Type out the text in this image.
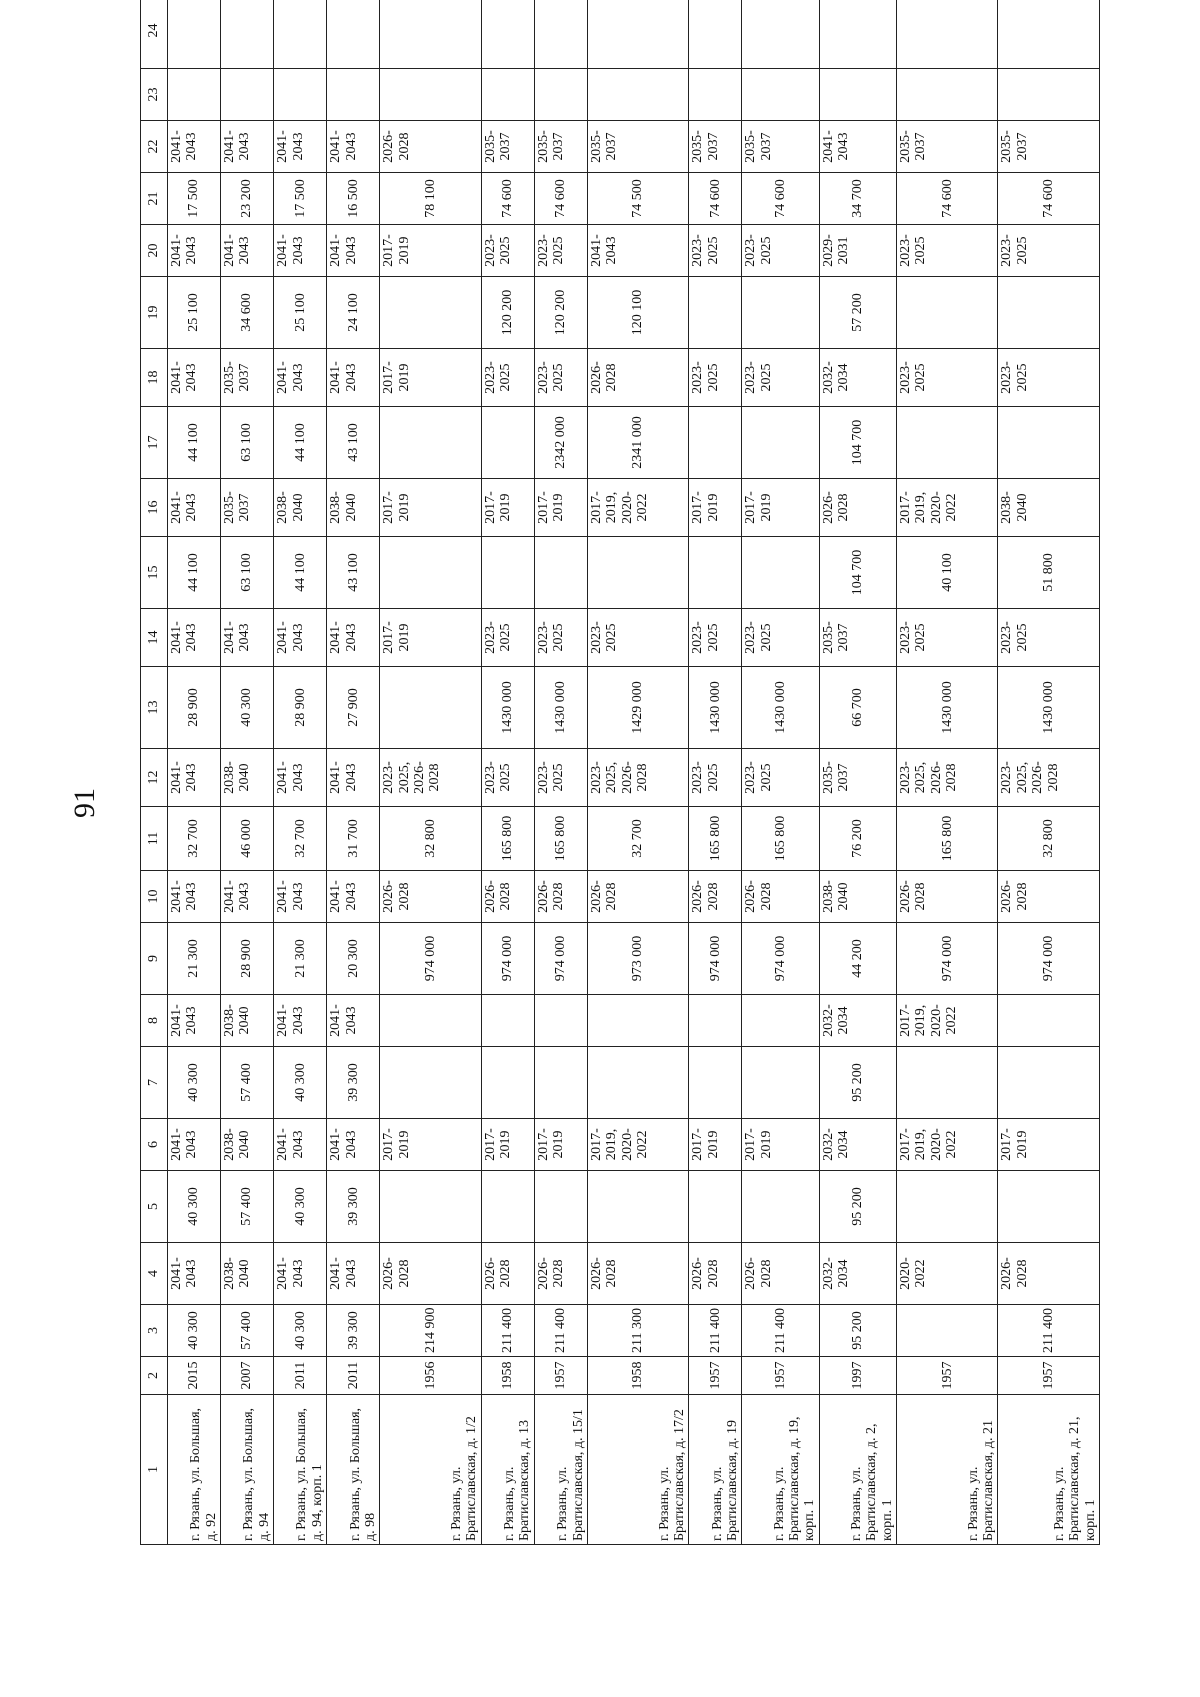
91
1	2	3	4	5	6	7	8	9	10	11	12	13	14	15	16	17	18	19	20	21	22	23	24
г. Рязань, ул. Большая, д. 92	2015	40 300	2041-2043	40 300	2041-2043	40 300	2041-2043	21 300	2041-2043	32 700	2041-2043	28 900	2041-2043	44 100	2041-2043	44 100	2041-2043	25 100	2041-2043	17 500	2041-2043		
г. Рязань, ул. Большая, д. 94	2007	57 400	2038-2040	57 400	2038-2040	57 400	2038-2040	28 900	2041-2043	46 000	2038-2040	40 300	2041-2043	63 100	2035-2037	63 100	2035-2037	34 600	2041-2043	23 200	2041-2043		
г. Рязань, ул. Большая, д. 94, корп. 1	2011	40 300	2041-2043	40 300	2041-2043	40 300	2041-2043	21 300	2041-2043	32 700	2041-2043	28 900	2041-2043	44 100	2038-2040	44 100	2041-2043	25 100	2041-2043	17 500	2041-2043		
г. Рязань, ул. Большая, д. 98	2011	39 300	2041-2043	39 300	2041-2043	39 300	2041-2043	20 300	2041-2043	31 700	2041-2043	27 900	2041-2043	43 100	2038-2040	43 100	2041-2043	24 100	2041-2043	16 500	2041-2043		
г. Рязань, ул. Братиславская, д. 1/2	1956	214 900	2026-2028		2017-2019			974 000	2026-2028	32 800	2023-2025, 2026-2028		2017-2019		2017-2019		2017-2019		2017-2019	78 100	2026-2028		
г. Рязань, ул. Братиславская, д. 13	1958	211 400	2026-2028		2017-2019			974 000	2026-2028	165 800	2023-2025	1430 000	2023-2025		2017-2019		2023-2025	120 200	2023-2025	74 600	2035-2037		
г. Рязань, ул. Братиславская, д. 15/1	1957	211 400	2026-2028		2017-2019			974 000	2026-2028	165 800	2023-2025	1430 000	2023-2025		2017-2019	2342 000	2023-2025	120 200	2023-2025	74 600	2035-2037		
г. Рязань, ул. Братиславская, д. 17/2	1958	211 300	2026-2028		2017-2019, 2020-2022			973 000	2026-2028	32 700	2023-2025, 2026-2028	1429 000	2023-2025		2017-2019, 2020-2022	2341 000	2026-2028	120 100	2041-2043	74 500	2035-2037		
г. Рязань, ул. Братиславская, д. 19	1957	211 400	2026-2028		2017-2019			974 000	2026-2028	165 800	2023-2025	1430 000	2023-2025		2017-2019		2023-2025		2023-2025	74 600	2035-2037		
г. Рязань, ул. Братиславская, д. 19, корп. 1	1957	211 400	2026-2028		2017-2019			974 000	2026-2028	165 800	2023-2025	1430 000	2023-2025		2017-2019		2023-2025		2023-2025	74 600	2035-2037		
г. Рязань, ул. Братиславская, д. 2, корп. 1	1997	95 200	2032-2034	95 200	2032-2034	95 200	2032-2034	44 200	2038-2040	76 200	2035-2037	66 700	2035-2037	104 700	2026-2028	104 700	2032-2034	57 200	2029-2031	34 700	2041-2043		
г. Рязань, ул. Братиславская, д. 21	1957		2020-2022		2017-2019, 2020-2022		2017-2019, 2020-2022	974 000	2026-2028	165 800	2023-2025, 2026-2028	1430 000	2023-2025	40 100	2017-2019, 2020-2022		2023-2025		2023-2025	74 600	2035-2037		
г. Рязань, ул. Братиславская, д. 21, корп. 1	1957	211 400	2026-2028		2017-2019			974 000	2026-2028	32 800	2023-2025, 2026-2028	1430 000	2023-2025	51 800	2038-2040		2023-2025		2023-2025	74 600	2035-2037		
